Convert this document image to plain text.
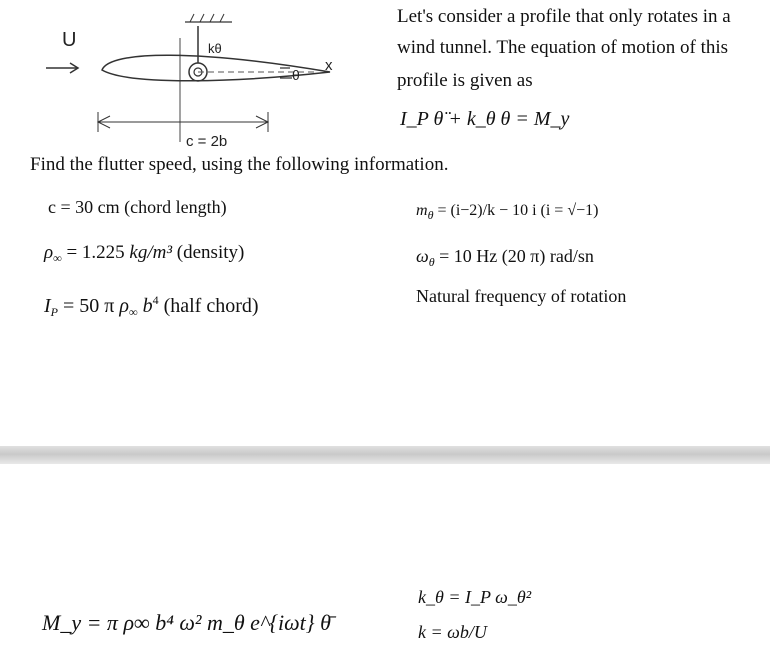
U	kθ
x
θ
c = 2b
Let's consider a profile that only rotates in a
wind tunnel. The equation of motion of this
profile is given as
I_P θ̈ + k_θ θ = M_y
Find the flutter speed, using the following information.
c = 30 cm (chord length)
$\rho_\infty = 1.225$ kg/m³ (density)
$I_P = 50$ π $\rho_\infty$ $b^4$ (half chord)
$m_\theta = (i-2)/k - 10$ i (i = √−1)
$\omega_\theta = 10$ Hz (20 π) rad/sn
Natural frequency of rotation
M_y = π ρ∞ b⁴ ω² m_θ e^{iωt} θ̄
k_θ = I_P ω_θ²
k = ωb/U
